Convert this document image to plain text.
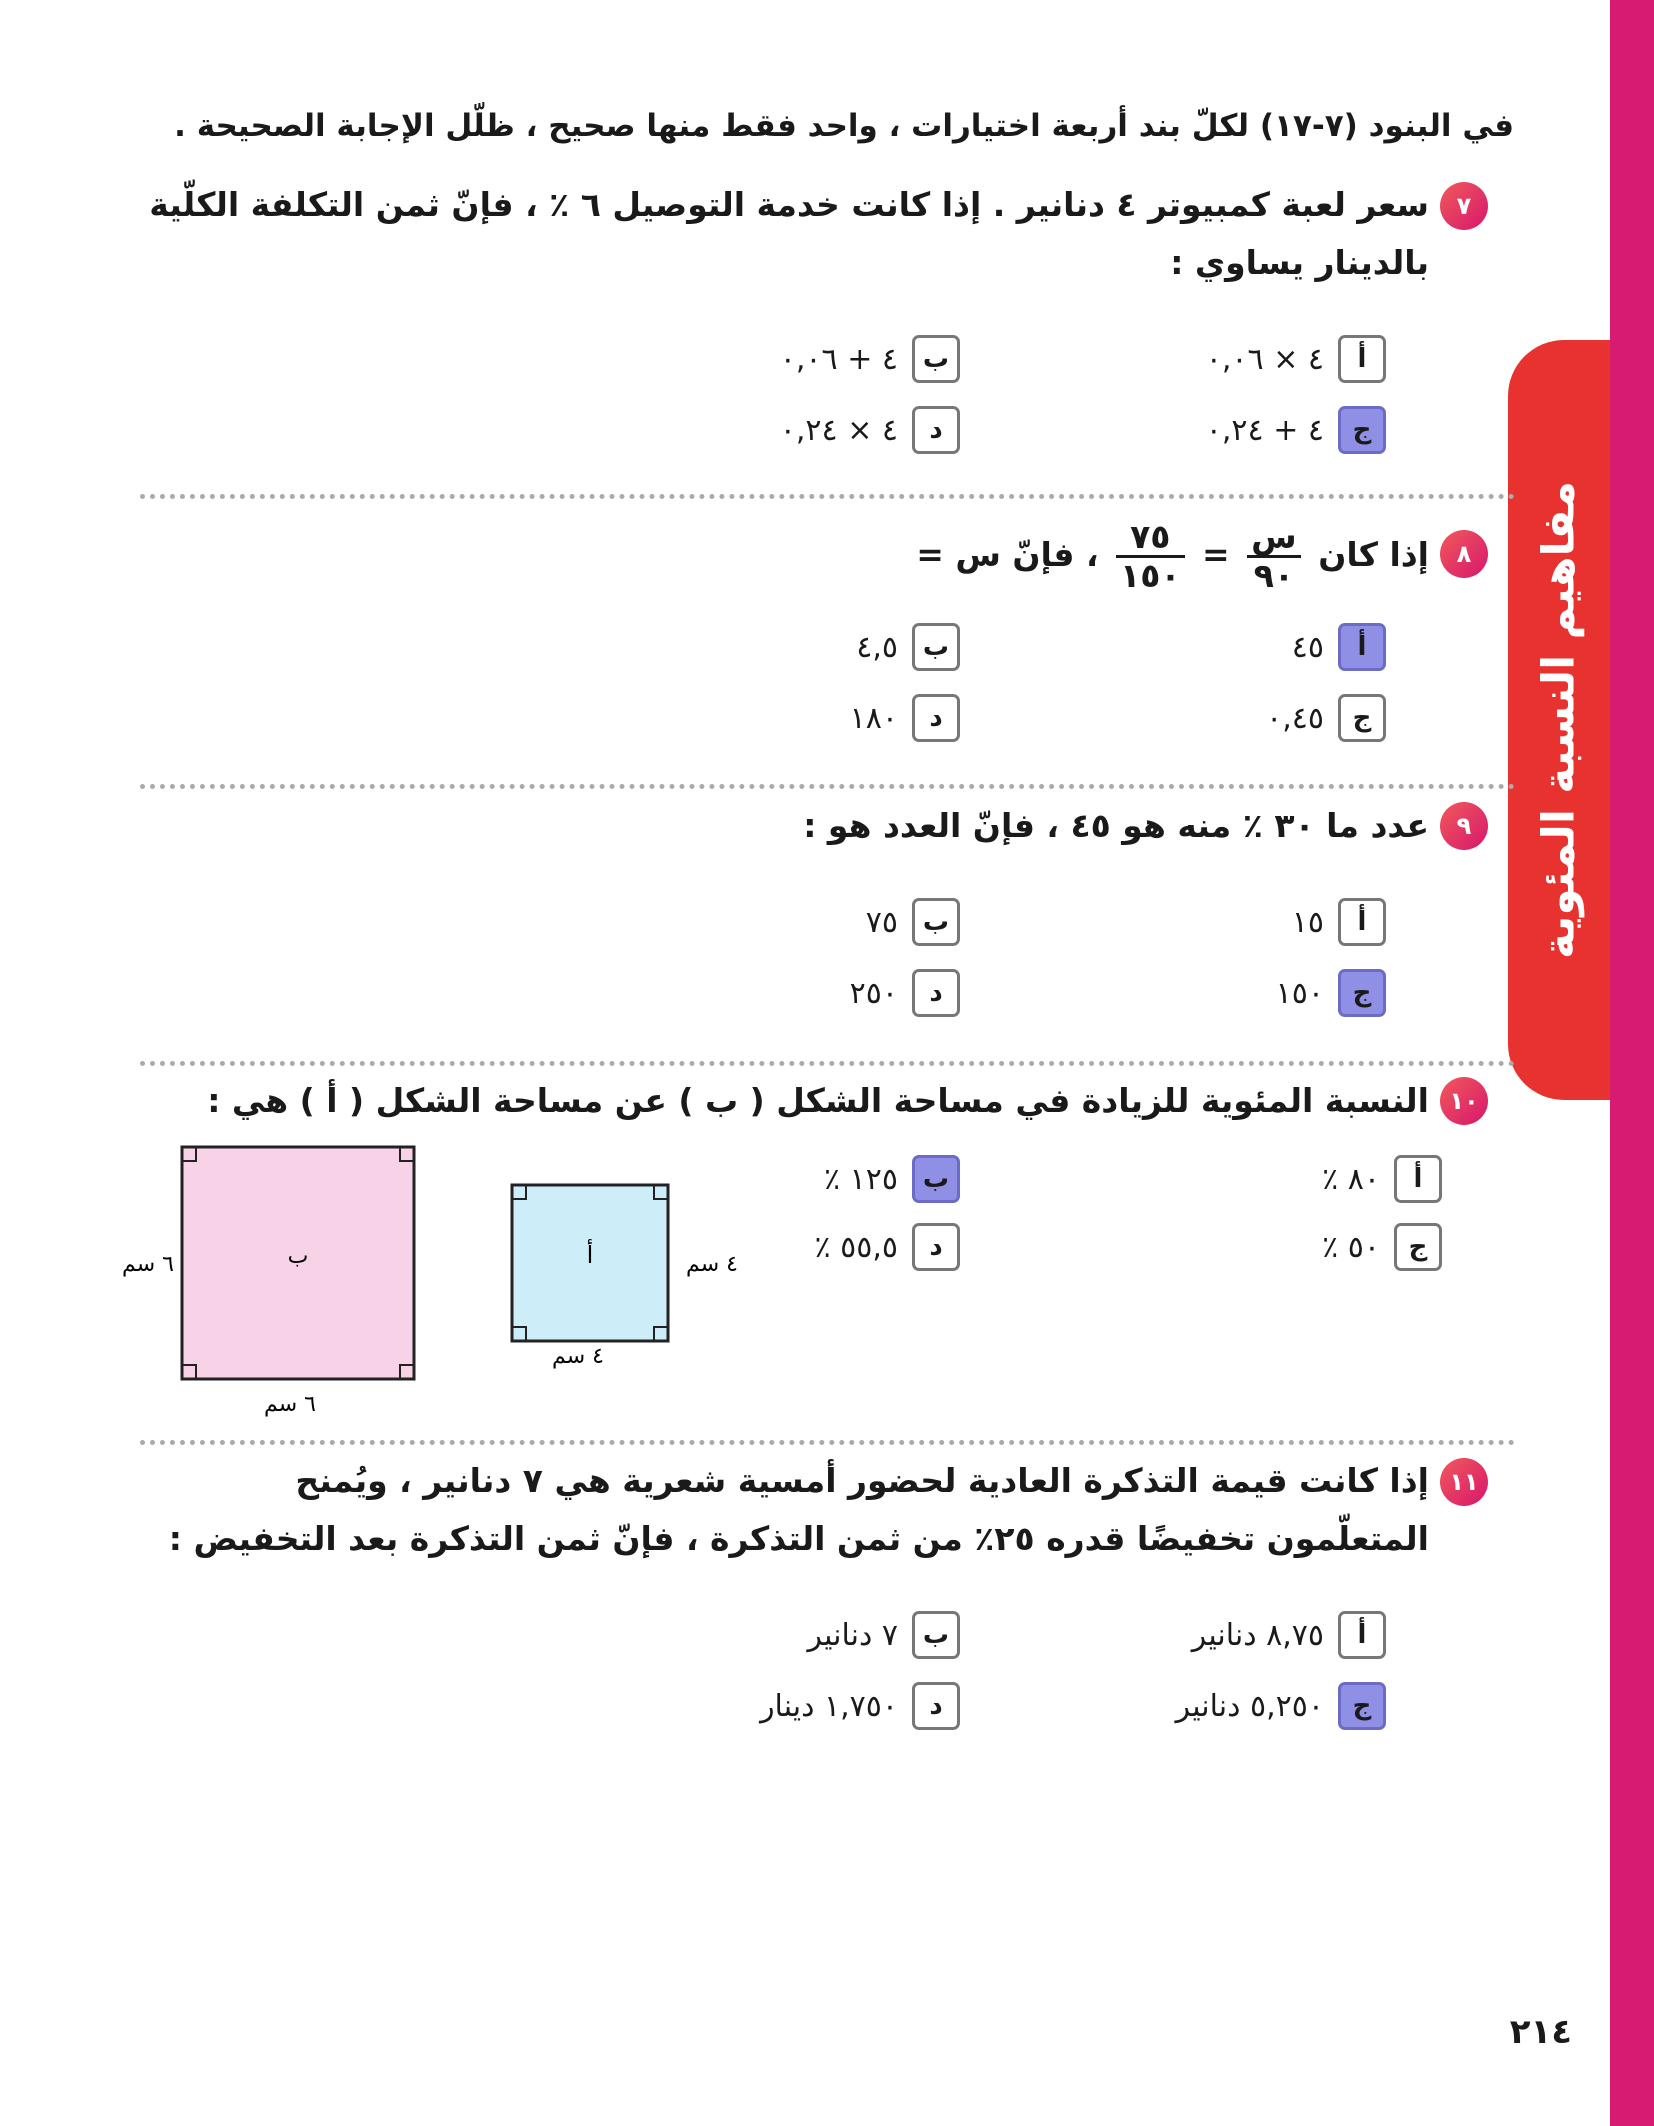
مفاهيم النسبة المئوية
في البنود (٧-١٧) لكلّ بند أربعة اختيارات ، واحد فقط منها صحيح ، ظلّل الإجابة الصحيحة .
٧
سعر لعبة كمبيوتر ٤ دنانير . إذا كانت خدمة التوصيل ٦ ٪ ، فإنّ ثمن التكلفة الكلّية بالدينار يساوي :
أ
٤ × ٠,٠٦
ب
٤ + ٠,٠٦
ج
٤ + ٠,٢٤
د
٤ × ٠,٢٤
٨
إذا كان
$\frac{\text{س}}{٩٠}$
=
$\frac{٧٥}{١٥٠}$
، فإنّ س =
أ
٤٥
ب
٤,٥
ج
٠,٤٥
د
١٨٠
٩
عدد ما ٣٠ ٪ منه هو ٤٥ ، فإنّ العدد هو :
أ
١٥
ب
٧٥
ج
١٥٠
د
٢٥٠
١٠
النسبة المئوية للزيادة في مساحة الشكل ( ب ) عن مساحة الشكل ( أ ) هي :
أ
٨٠ ٪
ب
١٢٥ ٪
ج
٥٠ ٪
د
٥٥,٥ ٪
ب
٦ سم
٦ سم
أ	٤ سم
٤ سم
١١
إذا كانت قيمة التذكرة العادية لحضور أمسية شعرية هي ٧ دنانير ، ويُمنح المتعلّمون تخفيضًا قدره ٢٥٪ من ثمن التذكرة ، فإنّ ثمن التذكرة بعد التخفيض :
أ
٨,٧٥ دنانير
ب
٧ دنانير
ج
٥,٢٥٠ دنانير
د
١,٧٥٠ دينار
٢١٤
